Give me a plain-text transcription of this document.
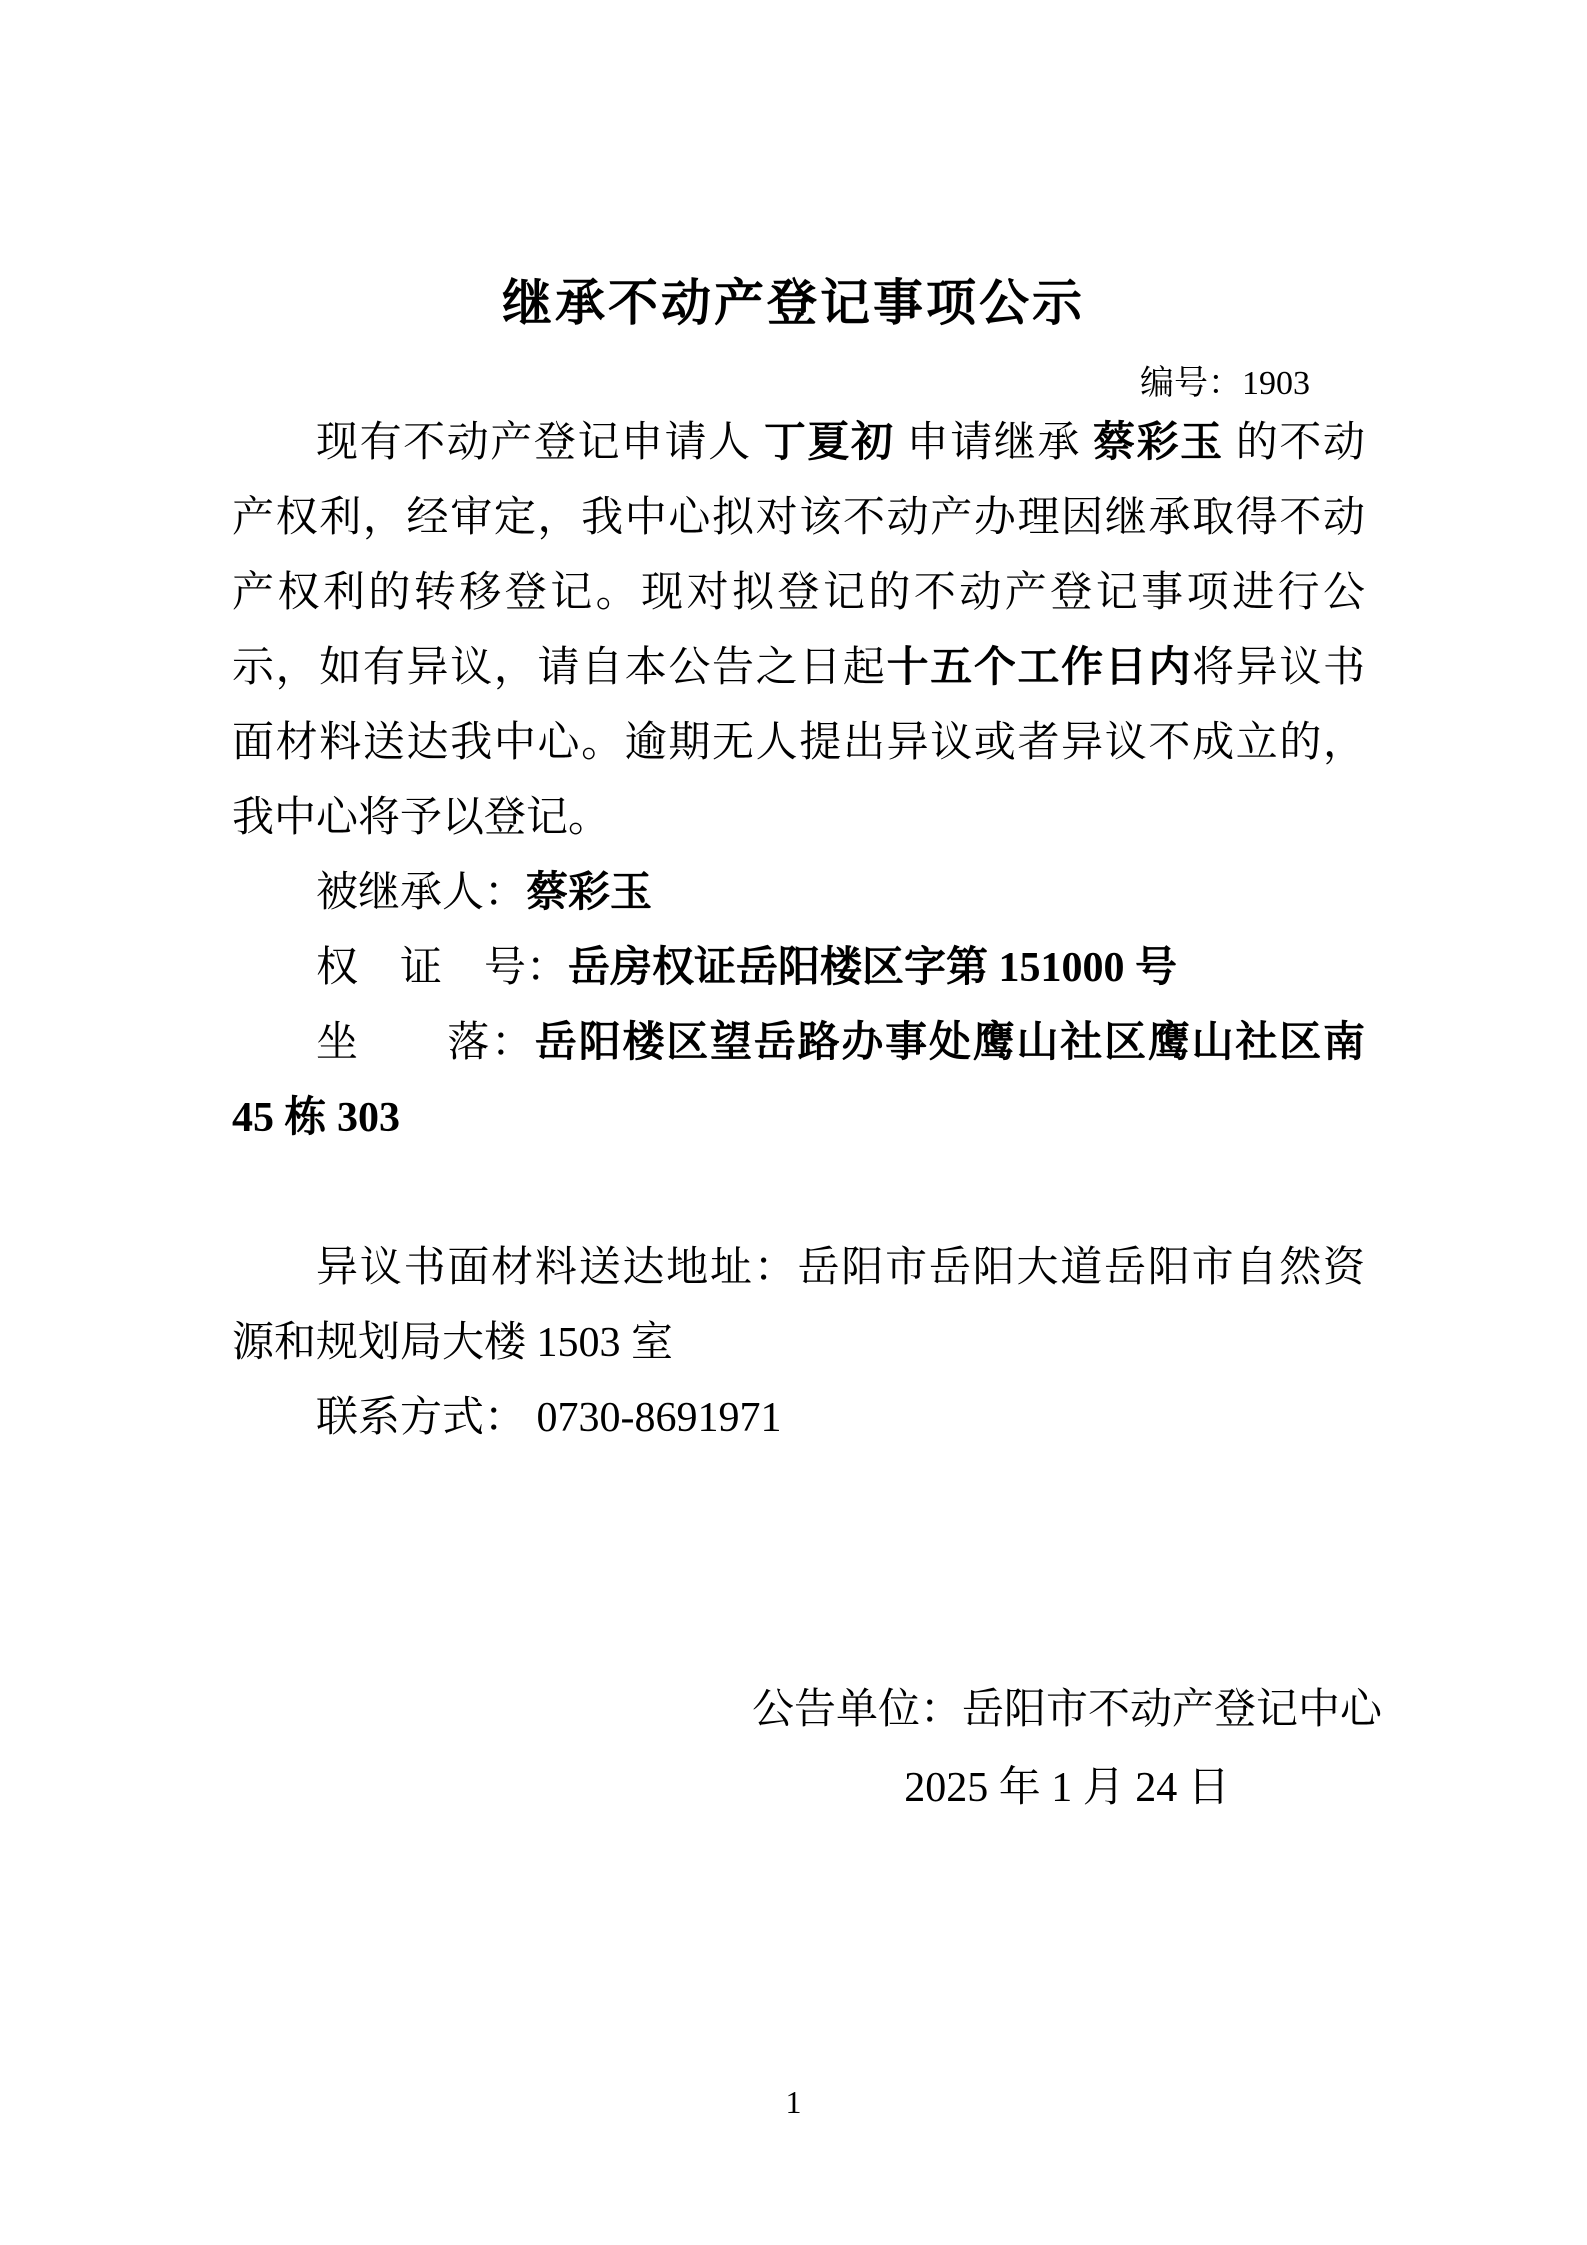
继承不动产登记事项公示
编号：1903

现有不动产登记申请人 丁夏初 申请继承 蔡彩玉 的不动产权利，经审定，我中心拟对该不动产办理因继承取得不动产权利的转移登记。现对拟登记的不动产登记事项进行公示，如有异议，请自本公告之日起十五个工作日内将异议书面材料送达我中心。逾期无人提出异议或者异议不成立的，我中心将予以登记。

被继承人：蔡彩玉

权　证　号：岳房权证岳阳楼区字第 151000 号

坐　　落：岳阳楼区望岳路办事处鹰山社区鹰山社区南 45 栋 303

异议书面材料送达地址：岳阳市岳阳大道岳阳市自然资源和规划局大楼 1503 室

联系方式： 0730-8691971

公告单位：岳阳市不动产登记中心
2025 年 1 月 24 日
1
